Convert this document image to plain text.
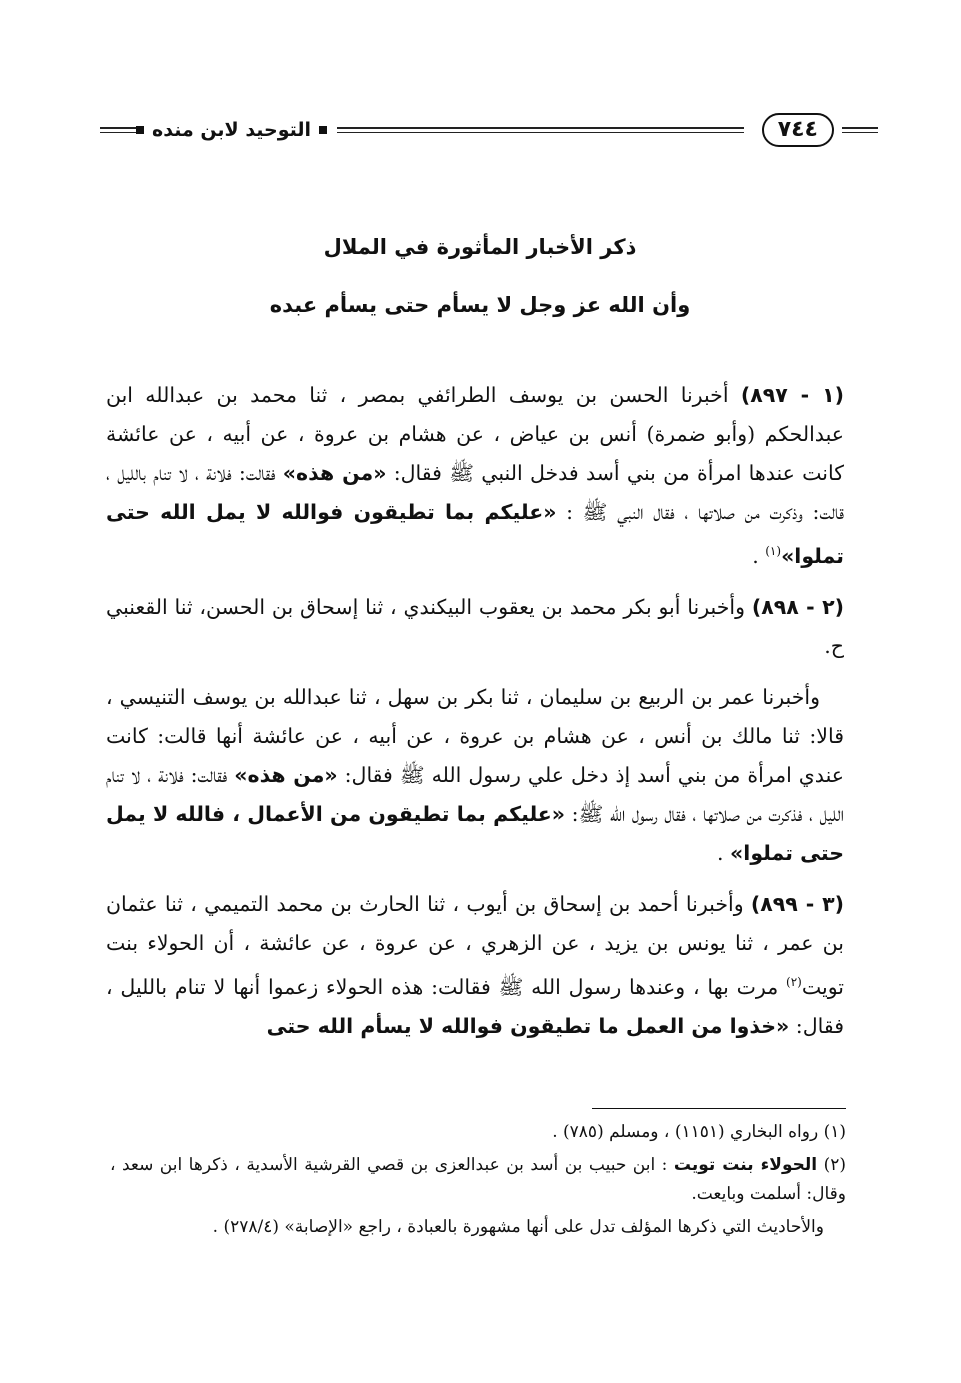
التوحيد لابن منده	٧٤٤
ذكر الأخبار المأثورة في الملال
وأن الله عز وجل لا يسأم حتى يسأم عبده

(١ - ٨٩٧) أخبرنا الحسن بن يوسف الطرائفي بمصر ، ثنا محمد بن عبدالله ابن عبدالحكم (وأبو ضمرة) أنس بن عياض ، عن هشام بن عروة ، عن أبيه ، عن عائشة كانت عندها امرأة من بني أسد فدخل النبي ﷺ فقال: «من هذه» فقالت: فلانة ، لا تنام بالليل ، قالت: وذكرت من صلاتها ، فقال النبي ﷺ : «عليكم بما تطيقون فوالله لا يمل الله حتى تملوا»$^{(١)}$ .

(٢ - ٨٩٨) وأخبرنا أبو بكر محمد بن يعقوب البيكندي ، ثنا إسحاق بن الحسن، ثنا القعنبي ح.

وأخبرنا عمر بن الربيع بن سليمان ، ثنا بكر بن سهل ، ثنا عبدالله بن يوسف التنيسي ، قالا: ثنا مالك بن أنس ، عن هشام بن عروة ، عن أبيه ، عن عائشة أنها قالت: كانت عندي امرأة من بني أسد إذ دخل علي رسول الله ﷺ فقال: «من هذه» فقالت: فلانة ، لا تنام الليل ، فذكرت من صلاتها ، فقال رسول الله ﷺ: «عليكم بما تطيقون من الأعمال ، فالله لا يمل حتى تملوا» .

(٣ - ٨٩٩) وأخبرنا أحمد بن إسحاق بن أيوب ، ثنا الحارث بن محمد التميمي ، ثنا عثمان بن عمر ، ثنا يونس بن يزيد ، عن الزهري ، عن عروة ، عن عائشة ، أن الحولاء بنت تويت$^{(٢)}$ مرت بها ، وعندها رسول الله ﷺ فقالت: هذه الحولاء زعموا أنها لا تنام بالليل ، فقال: «خذوا من العمل ما تطيقون فوالله لا يسأم الله حتى

(١) رواه البخاري (١١٥١) ، ومسلم (٧٨٥) .

(٢) الحولاء بنت تويت : ابن حبيب بن أسد بن عبدالعزى بن قصي القرشية الأسدية ، ذكرها ابن سعد ، وقال: أسلمت وبايعت.

والأحاديث التي ذكرها المؤلف تدل على أنها مشهورة بالعبادة ، راجع «الإصابة» (٢٧٨/٤) .
